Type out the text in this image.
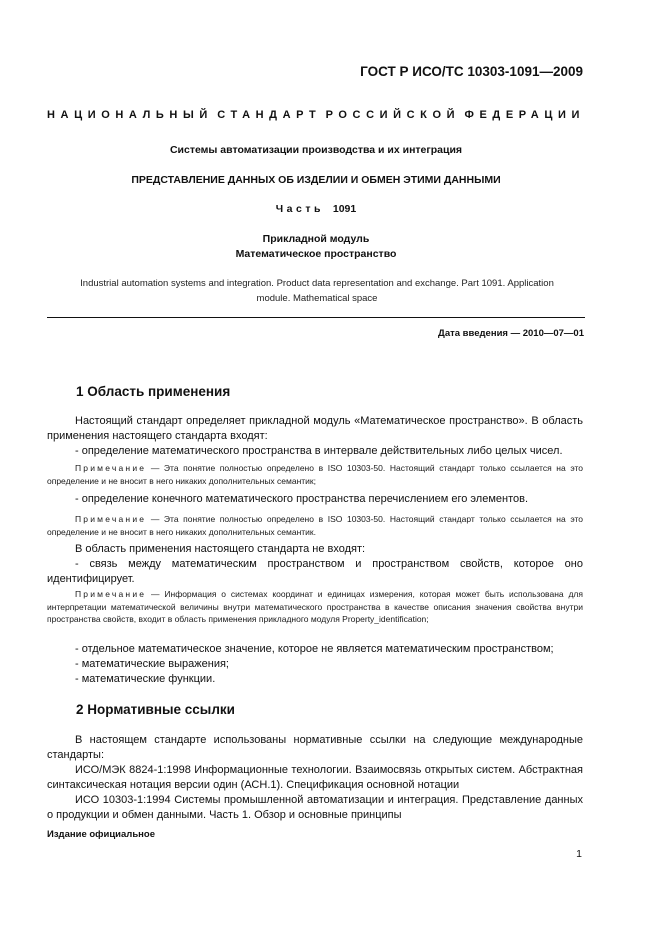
ГОСТ Р ИСО/ТС 10303-1091—2009
НАЦИОНАЛЬНЫЙ СТАНДАРТ РОССИЙСКОЙ ФЕДЕРАЦИИ
Системы автоматизации производства и их интеграция
ПРЕДСТАВЛЕНИЕ ДАННЫХ ОБ ИЗДЕЛИИ И ОБМЕН ЭТИМИ ДАННЫМИ
Часть 1091
Прикладной модуль
Математическое пространство
Industrial automation systems and integration. Product data representation and exchange. Part 1091. Application
module. Mathematical space
Дата введения — 2010—07—01
1 Область применения

Настоящий стандарт определяет прикладной модуль «Математическое пространство». В область применения настоящего стандарта входят:

- определение математического пространства в интервале действительных либо целых чисел.

Примечание — Эта понятие полностью определено в ISO 10303-50. Настоящий стандарт только ссылается на это определение и не вносит в него никаких дополнительных семантик;

- определение конечного математического пространства перечислением его элементов.

Примечание — Эта понятие полностью определено в ISO 10303-50. Настоящий стандарт только ссылается на это определение и не вносит в него никаких дополнительных семантик.

В область применения настоящего стандарта не входят:

- связь между математическим пространством и пространством свойств, которое оно идентифицирует.

Примечание — Информация о системах координат и единицах измерения, которая может быть использована для интерпретации математической величины внутри математического пространства в качестве описания значения свойства внутри пространства свойств, входит в область применения прикладного модуля Property_identification;

- отдельное математическое значение, которое не является математическим пространством;

- математические выражения;

- математические функции.

2 Нормативные ссылки

В настоящем стандарте использованы нормативные ссылки на следующие международные стандарты:

ИСО/МЭК 8824-1:1998 Информационные технологии. Взаимосвязь открытых систем. Абстрактная синтаксическая нотация версии один (АСН.1). Спецификация основной нотации

ИСО 10303-1:1994 Системы промышленной автоматизации и интеграция. Представление данных о продукции и обмен данными. Часть 1. Обзор и основные принципы

Издание официальное
1
